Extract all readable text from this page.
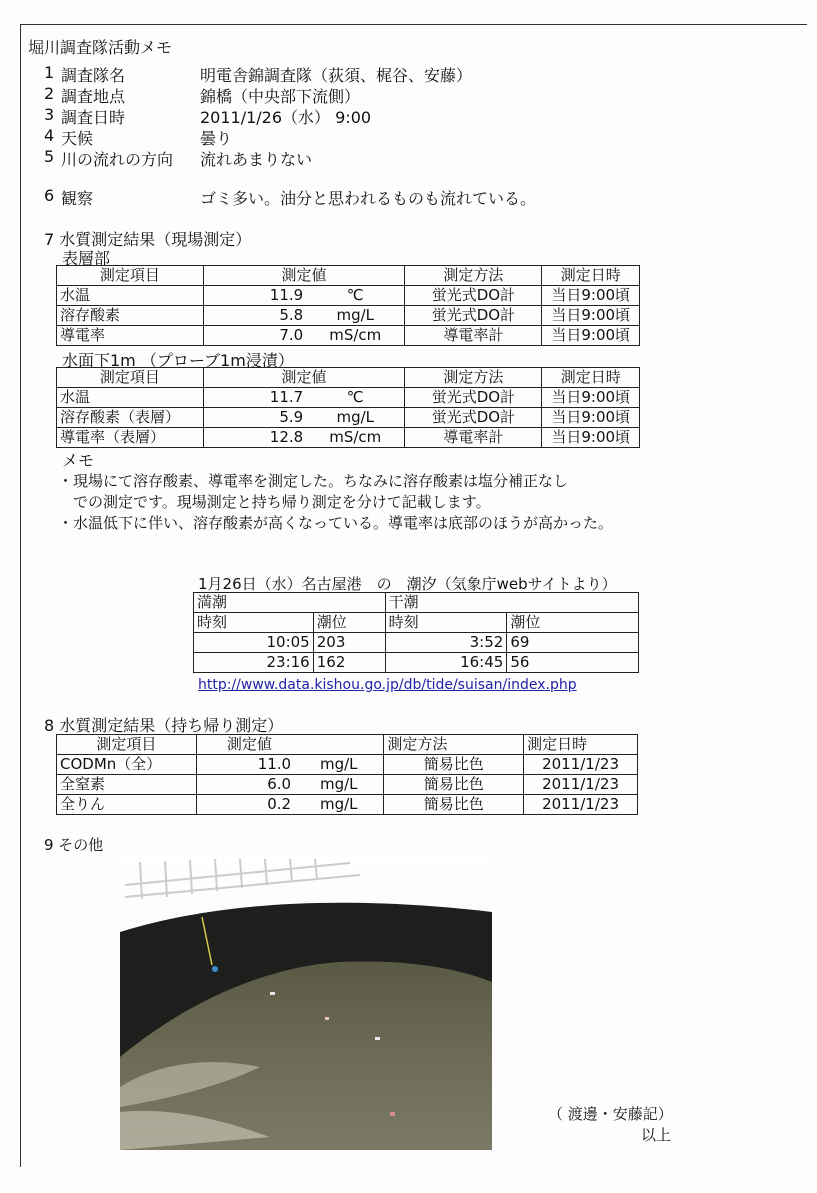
堀川調査隊活動メモ
1 調査隊名	明電舎錦調査隊（荻須、梶谷、安藤）
2 調査地点	錦橋（中央部下流側）
3 調査日時	2011/1/26（水） 9:00
4 天候	曇り
5 川の流れの方向 流れあまりない
6 観察	ゴミ多い。油分と思われるものも流れている。
7 水質測定結果（現場測定）
表層部
測定項目	測定値		測定方法	測定日時
水温	11.9	℃	蛍光式DO計	当日9:00頃
溶存酸素	5.8	mg/L	蛍光式DO計	当日9:00頃
導電率	7.0	mS/cm	導電率計	当日9:00頃
水面下1m （プローブ1m浸漬）
測定項目	測定値		測定方法	測定日時
水温	11.7	℃	蛍光式DO計	当日9:00頃
溶存酸素（表層）	5.9	mg/L	蛍光式DO計	当日9:00頃
導電率（表層）	12.8	mS/cm	導電率計	当日9:00頃
メモ
・現場にて溶存酸素、導電率を測定した。ちなみに溶存酸素は塩分補正なし
　での測定です。現場測定と持ち帰り測定を分けて記載します。
・水温低下に伴い、溶存酸素が高くなっている。導電率は底部のほうが高かった。
1月26日（水）名古屋港　の　潮汐（気象庁webサイトより）
満潮		干潮	
時刻	潮位	時刻	潮位
10:05	203	3:52	69
23:16	162	16:45	56
http://www.data.kishou.go.jp/db/tide/suisan/index.php
8 水質測定結果（持ち帰り測定）
測定項目	測定値		測定方法	測定日時
CODMn（全）	11.0	mg/L	簡易比色	2011/1/23
全窒素	6.0	mg/L	簡易比色	2011/1/23
全りん	0.2	mg/L	簡易比色	2011/1/23
9 その他
（ 渡邊・安藤記）
以上
